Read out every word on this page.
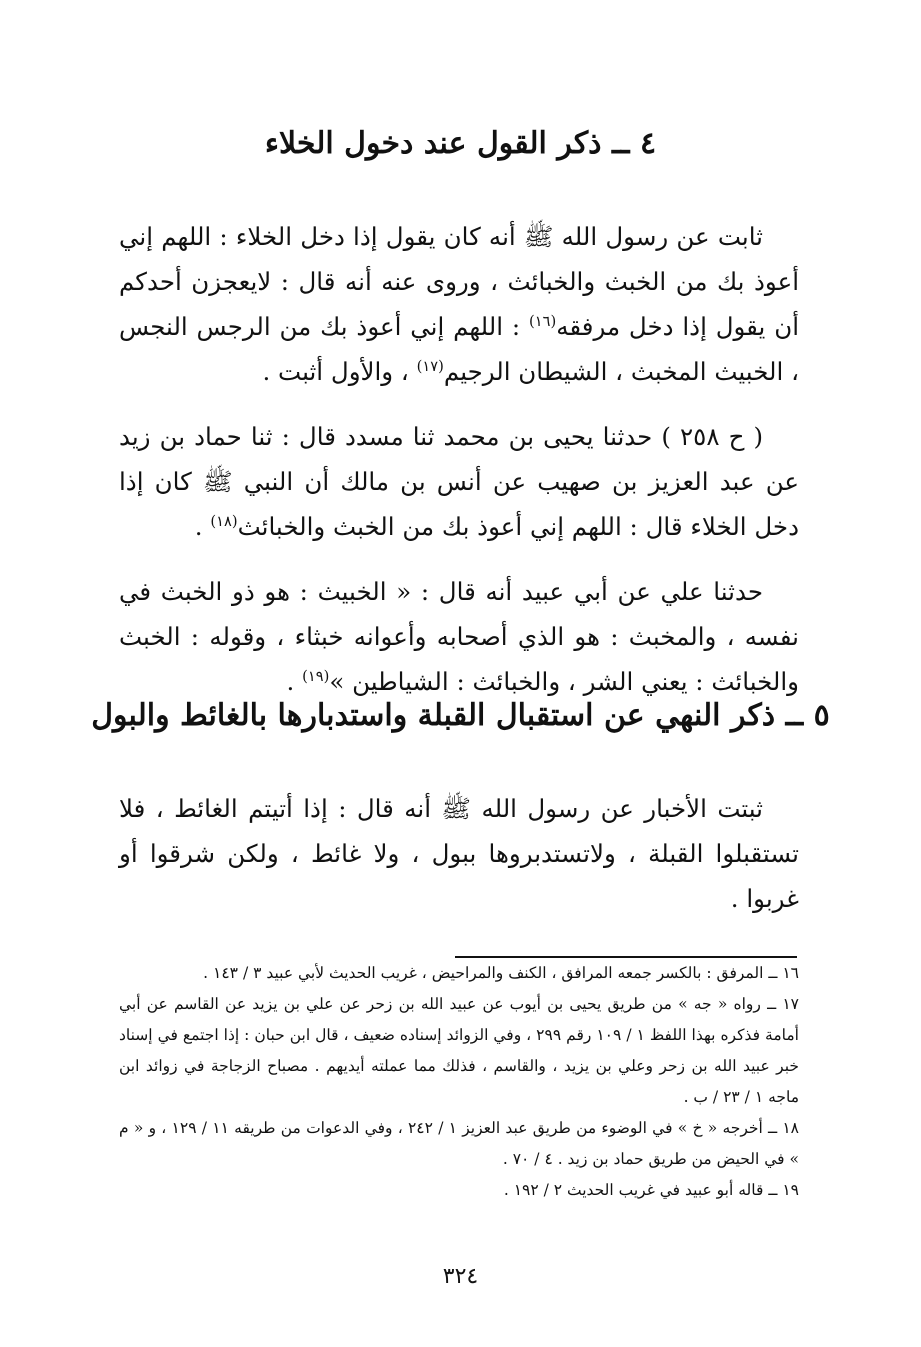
٤ ــ ذكر القول عند دخول الخلاء

ثابت عن رسول الله ﷺ أنه كان يقول إذا دخل الخلاء : اللهم إني أعوذ بك من الخبث والخبائث ، وروى عنه أنه قال : لايعجزن أحدكم أن يقول إذا دخل مرفقه$^{(١٦)}$ : اللهم إني أعوذ بك من الرجس النجس ، الخبيث المخبث ، الشيطان الرجيم$^{(١٧)}$ ، والأول أثبت .

( ح ٢٥٨ ) حدثنا يحيى بن محمد ثنا مسدد قال : ثنا حماد بن زيد عن عبد العزيز بن صهيب عن أنس بن مالك أن النبي ﷺ كان إذا دخل الخلاء قال : اللهم إني أعوذ بك من الخبث والخبائث$^{(١٨)}$ .

حدثنا علي عن أبي عبيد أنه قال : « الخبيث : هو ذو الخبث في نفسه ، والمخبث : هو الذي أصحابه وأعوانه خبثاء ، وقوله : الخبث والخبائث : يعني الشر ، والخبائث : الشياطين »$^{(١٩)}$ .

٥ ــ ذكر النهي عن استقبال القبلة واستدبارها بالغائط والبول

ثبتت الأخبار عن رسول الله ﷺ أنه قال : إذا أتيتم الغائط ، فلا تستقبلوا القبلة ، ولاتستدبروها ببول ، ولا غائط ، ولكن شرقوا أو غربوا .

١٦ ــ المرفق : بالكسر جمعه المرافق ، الكنف والمراحيض ، غريب الحديث لأبي عبيد ٣ / ١٤٣ .

١٧ ــ رواه « جه » من طريق يحيى بن أيوب عن عبيد الله بن زحر عن علي بن يزيد عن القاسم عن أبي أمامة فذكره بهذا اللفظ ١ / ١٠٩ رقم ٢٩٩ ، وفي الزوائد إسناده ضعيف ، قال ابن حبان : إذا اجتمع في إسناد خبر عبيد الله بن زحر وعلي بن يزيد ، والقاسم ، فذلك مما عملته أيديهم . مصباح الزجاجة في زوائد ابن ماجه ١ / ٢٣ / ب .

١٨ ــ أخرجه « خ » في الوضوء من طريق عبد العزيز ١ / ٢٤٢ ، وفي الدعوات من طريقه ١١ / ١٢٩ ، و « م » في الحيض من طريق حماد بن زيد . ٤ / ٧٠ .

١٩ ــ قاله أبو عبيد في غريب الحديث ٢ / ١٩٢ .

٣٢٤
